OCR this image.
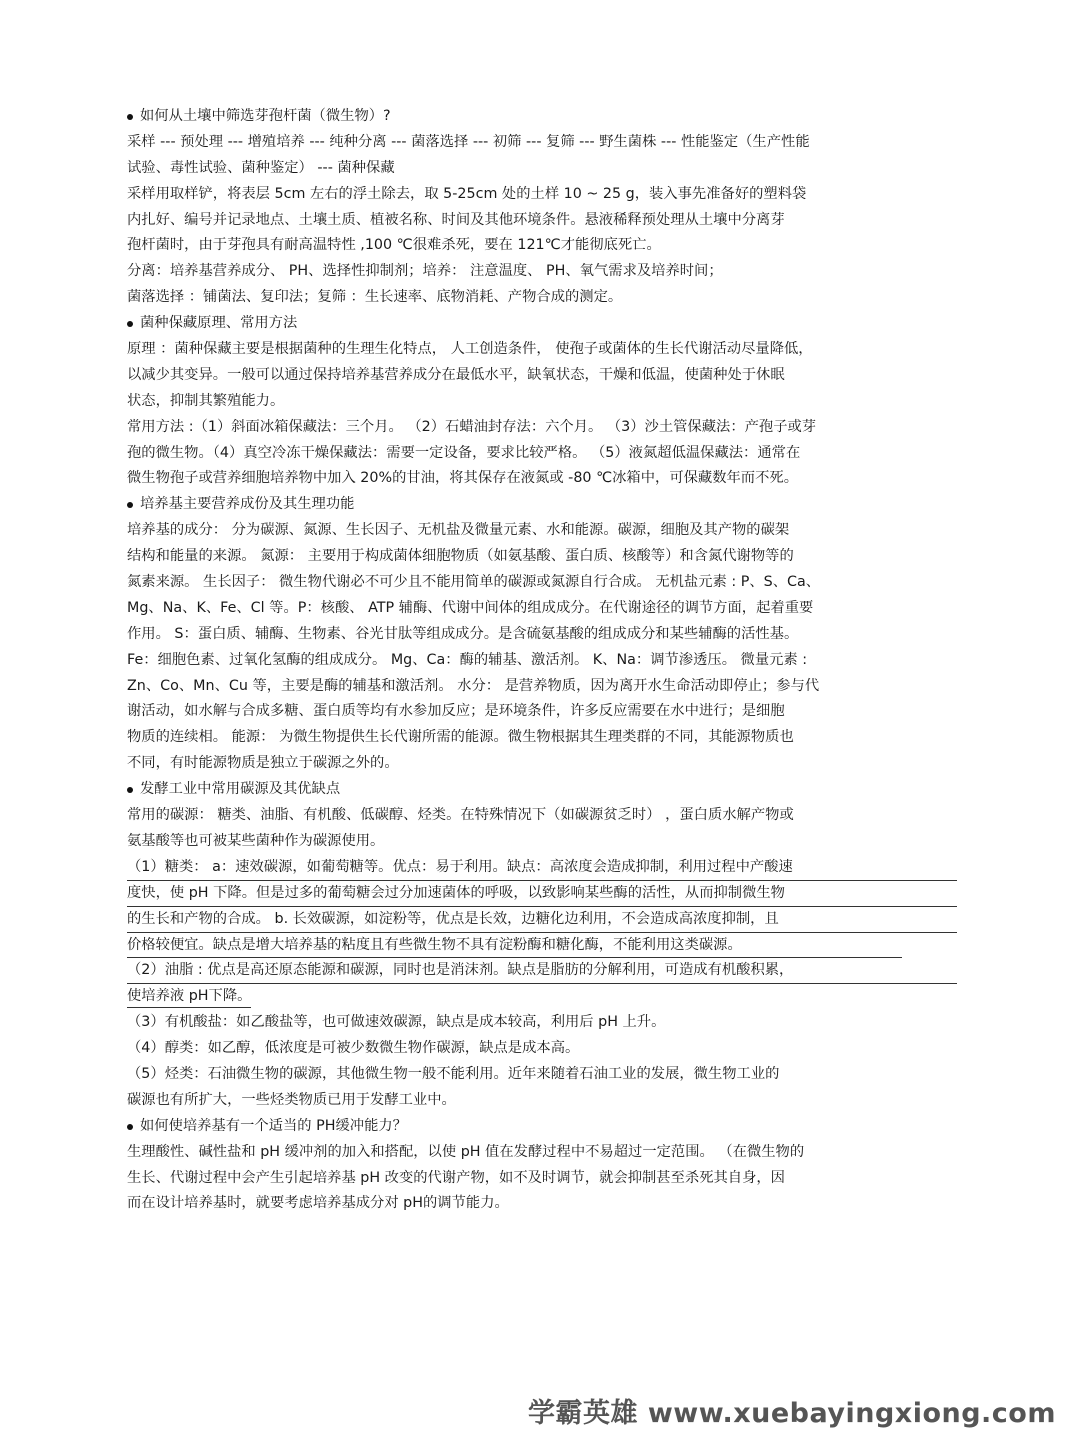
如何从土壤中筛选芽孢杆菌（微生物）?
采样 --- 预处理 --- 增殖培养 --- 纯种分离 --- 菌落选择 --- 初筛 --- 复筛 --- 野生菌株 --- 性能鉴定（生产性能
试验、毒性试验、菌种鉴定） --- 菌种保藏
采样用取样铲，将表层 5cm 左右的浮土除去，取 5-25cm 处的土样 10 ~ 25 g，装入事先准备好的塑料袋
内扎好、编号并记录地点、土壤土质、植被名称、时间及其他环境条件。悬液稀释预处理从土壤中分离芽
孢杆菌时，由于芽孢具有耐高温特性 ,100 ℃很难杀死，要在 121℃才能彻底死亡。
分离：培养基营养成分、 PH、选择性抑制剂；培养： 注意温度、 PH、氧气需求及培养时间；
菌落选择 ：铺菌法、复印法；复筛 ：生长速率、底物消耗、产物合成的测定。
菌种保藏原理、常用方法
原理 ：菌种保藏主要是根据菌种的生理生化特点， 人工创造条件， 使孢子或菌体的生长代谢活动尽量降低，
以减少其变异。一般可以通过保持培养基营养成分在最低水平，缺氧状态，干燥和低温，使菌种处于休眠
状态，抑制其繁殖能力。
常用方法 :（1）斜面冰箱保藏法：三个月。 （2）石蜡油封存法：六个月。 （3）沙土管保藏法：产孢子或芽
孢的微生物。（4）真空冷冻干燥保藏法：需要一定设备，要求比较严格。 （5）液氮超低温保藏法：通常在
微生物孢子或营养细胞培养物中加入 20%的甘油，将其保存在液氮或 -80 ℃冰箱中，可保藏数年而不死。
培养基主要营养成份及其生理功能
培养基的成分： 分为碳源、氮源、生长因子、无机盐及微量元素、水和能源。碳源，细胞及其产物的碳架
结构和能量的来源。 氮源： 主要用于构成菌体细胞物质（如氨基酸、蛋白质、核酸等）和含氮代谢物等的
氮素来源。 生长因子： 微生物代谢必不可少且不能用简单的碳源或氮源自行合成。 无机盐元素 : P、S、Ca、
Mg、Na、K、Fe、Cl 等。P：核酸、 ATP 辅酶、代谢中间体的组成成分。在代谢途径的调节方面，起着重要
作用。 S：蛋白质、辅酶、生物素、谷光甘肽等组成成分。是含硫氨基酸的组成成分和某些辅酶的活性基。
Fe：细胞色素、过氧化氢酶的组成成分。 Mg、Ca：酶的辅基、激活剂。 K、Na：调节渗透压。 微量元素 :
Zn、Co、Mn、Cu 等，主要是酶的辅基和激活剂。 水分： 是营养物质，因为离开水生命活动即停止；参与代
谢活动，如水解与合成多糖、蛋白质等均有水参加反应；是环境条件，许多反应需要在水中进行；是细胞
物质的连续相。 能源： 为微生物提供生长代谢所需的能源。微生物根据其生理类群的不同，其能源物质也
不同，有时能源物质是独立于碳源之外的。
发酵工业中常用碳源及其优缺点
常用的碳源： 糖类、油脂、有机酸、低碳醇、烃类。在特殊情况下（如碳源贫乏时） ，蛋白质水解产物或
氨基酸等也可被某些菌种作为碳源使用。
（1）糖类： a：速效碳源，如葡萄糖等。优点：易于利用。缺点：高浓度会造成抑制，利用过程中产酸速
度快，使 pH 下降。但是过多的葡萄糖会过分加速菌体的呼吸，以致影响某些酶的活性，从而抑制微生物
的生长和产物的合成。 b. 长效碳源，如淀粉等，优点是长效，边糖化边利用，不会造成高浓度抑制，且
价格较便宜。缺点是增大培养基的粘度且有些微生物不具有淀粉酶和糖化酶，不能利用这类碳源。
（2）油脂 : 优点是高还原态能源和碳源，同时也是消沫剂。缺点是脂肪的分解利用，可造成有机酸积累，
使培养液 pH下降。
（3）有机酸盐：如乙酸盐等，也可做速效碳源，缺点是成本较高，利用后 pH 上升。
（4）醇类：如乙醇，低浓度是可被少数微生物作碳源，缺点是成本高。
（5）烃类：石油微生物的碳源，其他微生物一般不能利用。近年来随着石油工业的发展，微生物工业的
碳源也有所扩大，一些烃类物质已用于发酵工业中。
如何使培养基有一个适当的 PH缓冲能力？
生理酸性、碱性盐和 pH 缓冲剂的加入和搭配，以使 pH 值在发酵过程中不易超过一定范围。 （在微生物的
生长、代谢过程中会产生引起培养基 pH 改变的代谢产物，如不及时调节，就会抑制甚至杀死其自身，因
而在设计培养基时，就要考虑培养基成分对 pH的调节能力。
学霸英雄 www.xuebayingxiong.com
